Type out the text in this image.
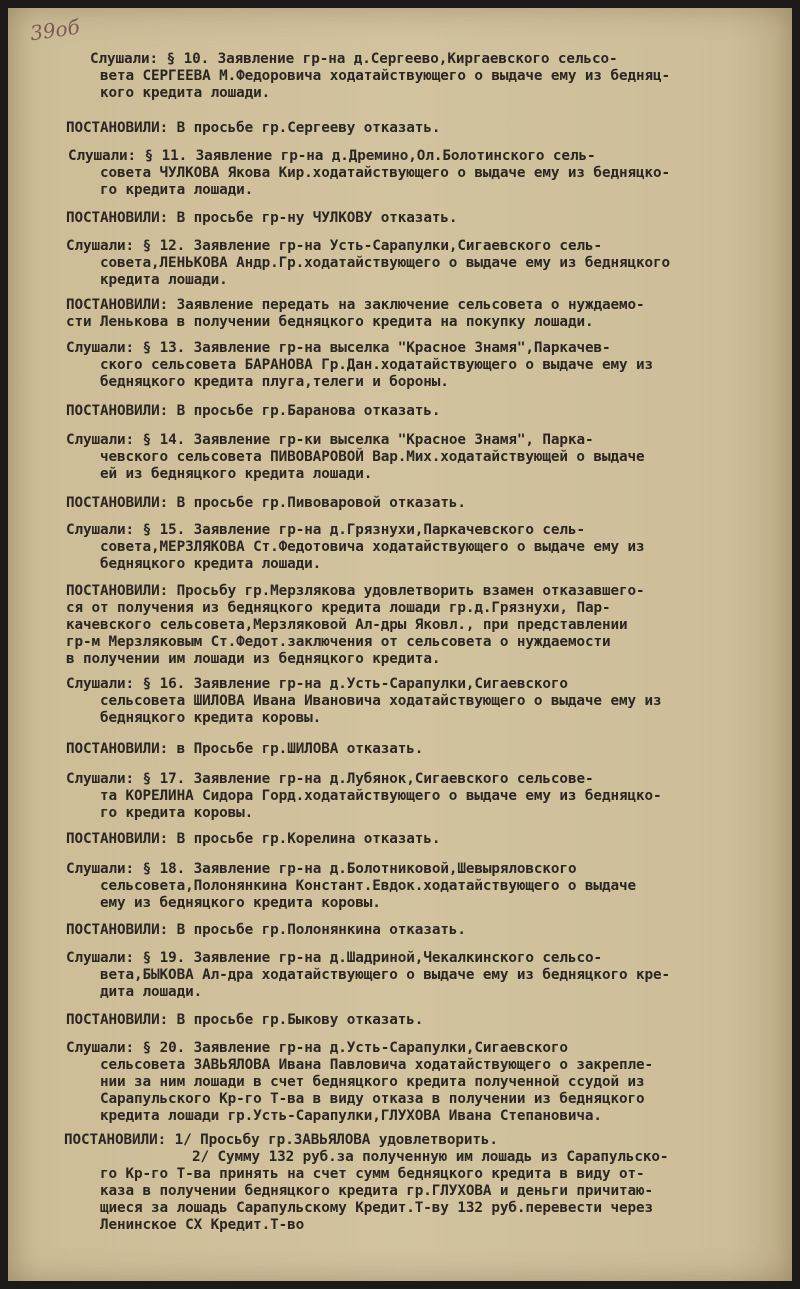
39об
Слушали: § 10. Заявление гр-на д.Сергеево,Киргаевского сельсо-
вета СЕРГЕЕВА М.Федоровича ходатайствующего о выдаче ему из бедняц-
кого кредита лошади.
ПОСТАНОВИЛИ: В просьбе гр.Сергееву отказать.
Слушали: § 11. Заявление гр-на д.Дремино,Ол.Болотинского сель-
совета ЧУЛКОВА Якова Кир.ходатайствующего о выдаче ему из бедняцко-
го кредита лошади.
ПОСТАНОВИЛИ: В просьбе гр-ну ЧУЛКОВУ отказать.
Слушали: § 12. Заявление гр-на Усть-Сарапулки,Сигаевского сель-
совета,ЛЕНЬКОВА Андр.Гр.ходатайствующего о выдаче ему из бедняцкого
кредита лошади.
ПОСТАНОВИЛИ: Заявление передать на заключение сельсовета о нуждаемо-
сти Ленькова в получении бедняцкого кредита на покупку лошади.
Слушали: § 13. Заявление гр-на выселка "Красное Знамя",Паркачев-
ского сельсовета БАРАНОВА Гр.Дан.ходатайствующего о выдаче ему из
бедняцкого кредита плуга,телеги и бороны.
ПОСТАНОВИЛИ: В просьбе гр.Баранова отказать.
Слушали: § 14. Заявление гр-ки выселка "Красное Знамя", Парка-
чевского сельсовета ПИВОВАРОВОЙ Вар.Мих.ходатайствующей о выдаче
ей из бедняцкого кредита лошади.
ПОСТАНОВИЛИ: В просьбе гр.Пивоваровой отказать.
Слушали: § 15. Заявление гр-на д.Грязнухи,Паркачевского сель-
совета,МЕРЗЛЯКОВА Ст.Федотовича ходатайствующего о выдаче ему из
бедняцкого кредита лошади.
ПОСТАНОВИЛИ: Просьбу гр.Мерзлякова удовлетворить взамен отказавшего-
ся от получения из бедняцкого кредита лошади гр.д.Грязнухи, Пар-
качевского сельсовета,Мерзляковой Ал-дры Яковл., при представлении
гр-м Мерзляковым Ст.Федот.заключения от сельсовета о нуждаемости
в получении им лошади из бедняцкого кредита.
Слушали: § 16. Заявление гр-на д.Усть-Сарапулки,Сигаевского
сельсовета ШИЛОВА Ивана Ивановича ходатайствующего о выдаче ему из
бедняцкого кредита коровы.
ПОСТАНОВИЛИ: в Просьбе гр.ШИЛОВА отказать.
Слушали: § 17. Заявление гр-на д.Лубянок,Сигаевского сельсове-
та КОРЕЛИНА Сидора Горд.ходатайствующего о выдаче ему из бедняцко-
го кредита коровы.
ПОСТАНОВИЛИ: В просьбе гр.Корелина отказать.
Слушали: § 18. Заявление гр-на д.Болотниковой,Шевыряловского
сельсовета,Полонянкина Констант.Евдок.ходатайствующего о выдаче
ему из бедняцкого кредита коровы.
ПОСТАНОВИЛИ: В просьбе гр.Полонянкина отказать.
Слушали: § 19. Заявление гр-на д.Шадриной,Чекалкинского сельсо-
вета,БЫКОВА Ал-дра ходатайствующего о выдаче ему из бедняцкого кре-
дита лошади.
ПОСТАНОВИЛИ: В просьбе гр.Быкову отказать.
Слушали: § 20. Заявление гр-на д.Усть-Сарапулки,Сигаевского
сельсовета ЗАВЬЯЛОВА Ивана Павловича ходатайствующего о закрепле-
нии за ним лошади в счет бедняцкого кредита полученной ссудой из
Сарапульского Кр-го Т-ва в виду отказа в получении из бедняцкого
кредита лошади гр.Усть-Сарапулки,ГЛУХОВА Ивана Степановича.
ПОСТАНОВИЛИ: 1/ Просьбу гр.ЗАВЬЯЛОВА удовлетворить.
2/ Сумму 132 руб.за полученную им лошадь из Сарапульско-
го Кр-го Т-ва принять на счет сумм бедняцкого кредита в виду от-
каза в получении бедняцкого кредита гр.ГЛУХОВА и деньги причитаю-
щиеся за лошадь Сарапульскому Кредит.Т-ву 132 руб.перевести через
Ленинское СХ Кредит.Т-во
